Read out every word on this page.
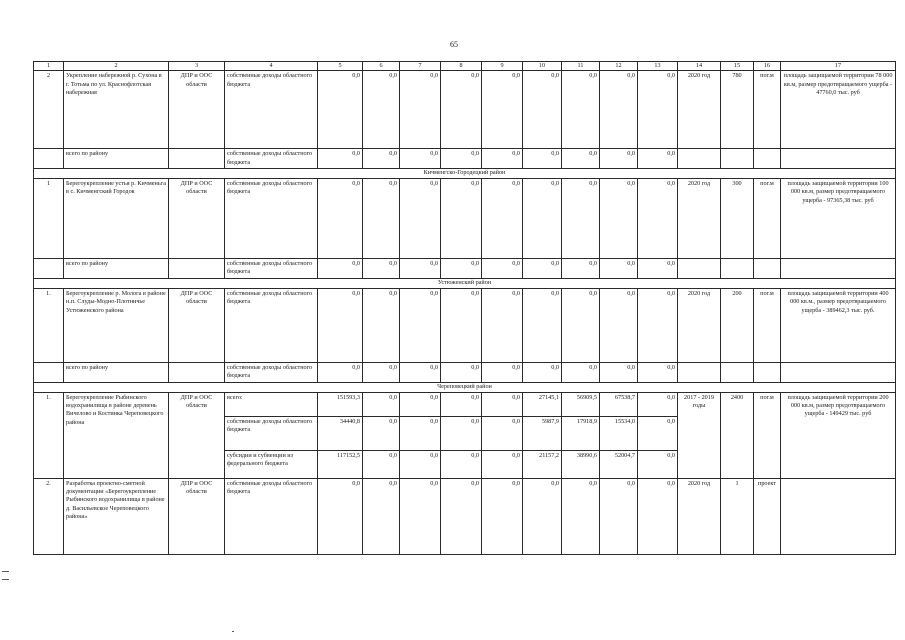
65
1	2	3	4	5	6	7	8	9	10	11	12	13	14	15	16	17
2	Укрепление набережной р. Сухона в г. Тотьма по ул. Краснофлотская набережная	ДПР и ООС области	собственные доходы областного бюджета	0,0	0,0	0,0	0,0	0,0	0,0	0,0	0,0	0,0	2020 год	780	пог.м	площадь защищаемой территории 78 000 кв.м, размер предотвращаемого ущерба - 47760,0 тыс. руб
	всего по району		собственные доходы областного бюджета	0,0	0,0	0,0	0,0	0,0	0,0	0,0	0,0	0,0				
Кичменгско-Городецкий район																
1	Берегоукрепление устья р. Кичменьга в с. Кичменгский Городок	ДПР и ООС области	собственные доходы областного бюджета	0,0	0,0	0,0	0,0	0,0	0,0	0,0	0,0	0,0	2020 год	300	пог.м	площадь защищаемой территории 100 000 кв.м, размер предотвращаемого ущерба - 97365,38 тыс. руб
	всего по району		собственные доходы областного бюджета	0,0	0,0	0,0	0,0	0,0	0,0	0,0	0,0	0,0				
Устюженский район																
1.	Берегоукрепление р. Молога в районе н.п. Слуды-Модно-Плотничье Устюженского района	ДПР и ООС области	собственные доходы областного бюджета	0,0	0,0	0,0	0,0	0,0	0,0	0,0	0,0	0,0	2020 год	200	пог.м	площадь защищаемой территории 400 000 кв.м., размер предотвращаемого ущерба - 389462,3 тыс. руб.
	всего по району		собственные доходы областного бюджета	0,0	0,0	0,0	0,0	0,0	0,0	0,0	0,0	0,0				
Череповецкий район																
1.	Берегоукрепление Рыбинского водохранилища в районе деревень Вичелово и Костинка Череповецкого района	ДПР и ООС области	всего:	151593,3	0,0	0,0	0,0	0,0	27145,1	56909,5	67538,7	0,0	2017 - 2019 годы	2400	пог.м	площадь защищаемой территории 200 000 кв.м, размер предотвращаемого ущерба - 149429 тыс. руб
			собственные доходы областного бюджета	34440,8	0,0	0,0	0,0	0,0	5987,9	17918,9	15534,0	0,0				
			субсидии и субвенции из федерального бюджета	117152,5	0,0	0,0	0,0	0,0	21157,2	38990,6	52004,7	0,0				
2.	Разработка проектно-сметной документации «Берегоукрепление Рыбинского водохранилища в районе д. Васильевское Череповецкого района»	ДПР и ООС области	собственные доходы областного бюджета	0,0	0,0	0,0	0,0	0,0	0,0	0,0	0,0	0,0	2020 год	1	проект	
